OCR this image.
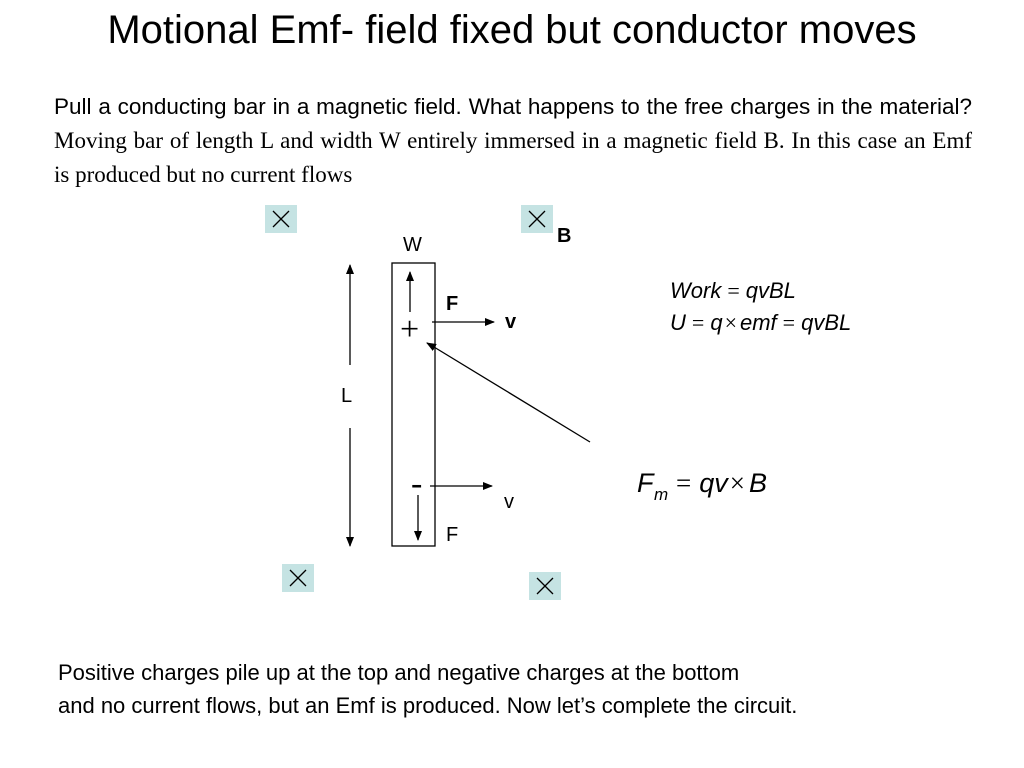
Motional Emf- field fixed but conductor moves
Pull a conducting bar in a magnetic field. What happens to the free charges in the material? Moving bar of length L and width W entirely immersed in a magnetic field B. In this case an Emf is produced but no current flows
B
W
L
F
+	v
-	v
F
Work = qvBL
U = q× emf = qvBL
F m = qv× B
Positive charges pile up at the top and negative charges at the bottom
and no current flows, but an Emf is produced. Now let’s complete the circuit.
